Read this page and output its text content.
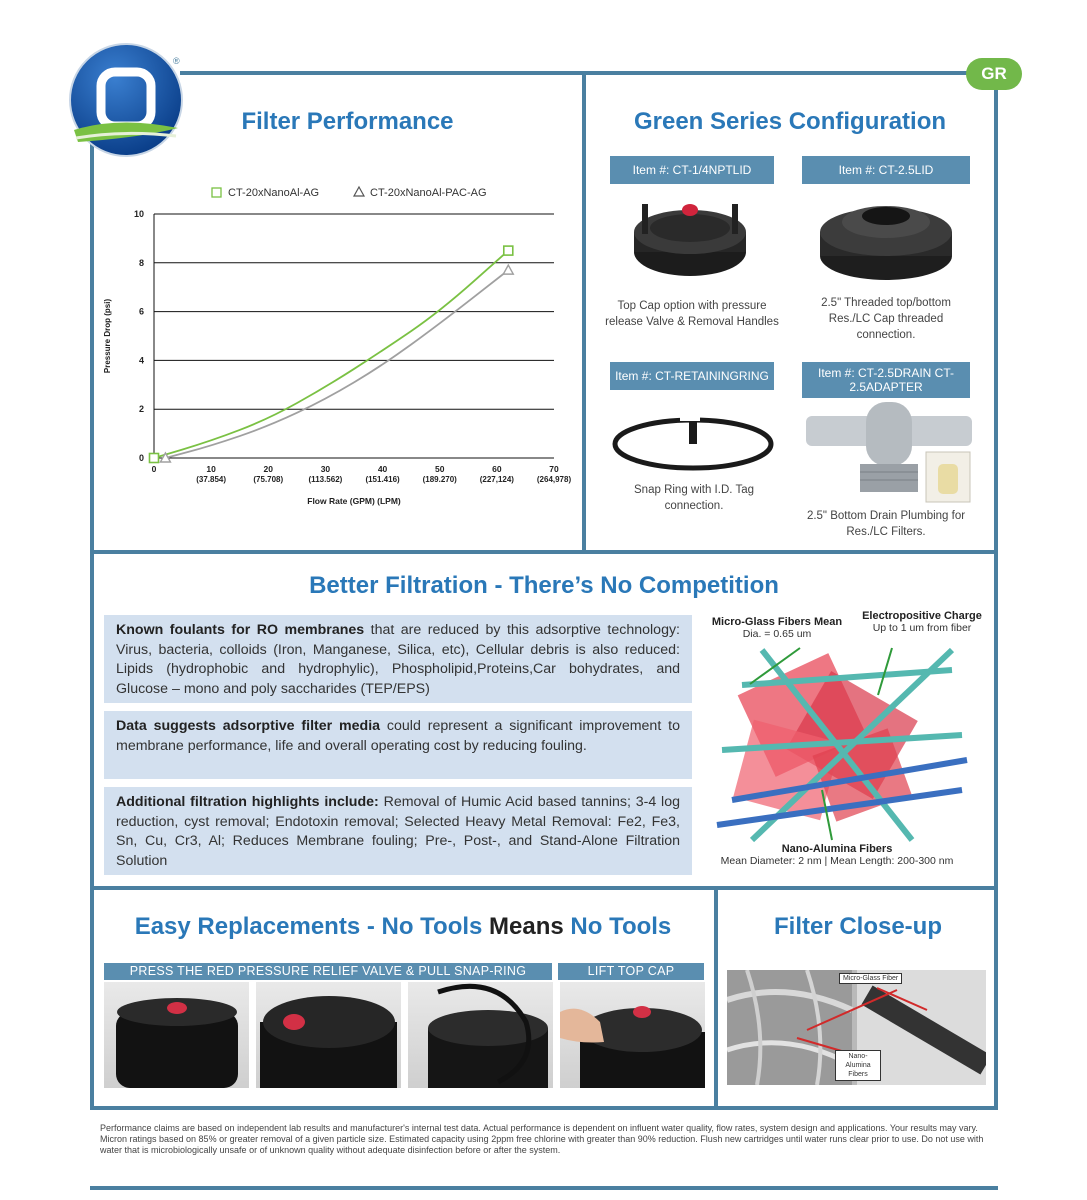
®
GR
Filter Performance
0
2
4
6
8
10
0	10
(37.854)
20
(75.708)
30
(113.562)
40
(151.416)
50
(189.270)
60
(227,124)
70
(264,978)
Flow Rate (GPM) (LPM)
Pressure Drop (psi)
CT-20xNanoAl-AG	CT-20xNanoAl-PAC-AG
Green Series Configuration
Item #: CT-1/4NPTLID	Item #: CT-2.5LID
Top Cap option with pressure release Valve & Removal Handles
2.5" Threaded top/bottom Res./LC Cap threaded connection.
Item #: CT-RETAININGRING	Item #: CT-2.5DRAIN CT-2.5ADAPTER
Snap Ring with I.D. Tag connection.
2.5" Bottom Drain Plumbing for Res./LC Filters.
Better Filtration - There’s No Competition
Known foulants for RO membranes that are reduced by this adsorptive technology: Virus, bacteria, colloids (Iron, Manganese, Silica, etc), Cellular debris is also reduced: Lipids (hydrophobic and hydrophylic), Phospholipid,Proteins,Car bohydrates, and Glucose – mono and poly saccharides (TEP/EPS)
Data suggests adsorptive filter media could represent a significant improvement to membrane performance, life and overall operating cost by reducing fouling.
Additional filtration highlights include: Removal of Humic Acid based tannins; 3-4 log reduction, cyst removal; Endotoxin removal; Selected Heavy Metal Removal: Fe2, Fe3, Sn, Cu, Cr3, Al; Reduces Membrane fouling; Pre-, Post-, and Stand-Alone Filtration Solution
Micro-Glass Fibers Mean
Dia. = 0.65 um
Electropositive Charge
Up to 1 um from fiber
Nano-Alumina Fibers
Mean Diameter: 2 nm | Mean Length: 200-300 nm
Easy Replacements - No Tools Means No Tools
PRESS THE RED PRESSURE RELIEF VALVE & PULL SNAP-RING	LIFT TOP CAP
Filter Close-up
Micro-Glass Fiber
Nano-Alumina Fibers
Performance claims are based on independent lab results and manufacturer's internal test data. Actual performance is dependent on influent water quality, flow rates, system design and applications. Your results may vary. Micron ratings based on 85% or greater removal of a given particle size. Estimated capacity using 2ppm free chlorine with greater than 90% reduction. Flush new cartridges until water runs clear prior to use. Do not use with water that is microbiologically unsafe or of unknown quality without adequate disinfection before or after the system.
